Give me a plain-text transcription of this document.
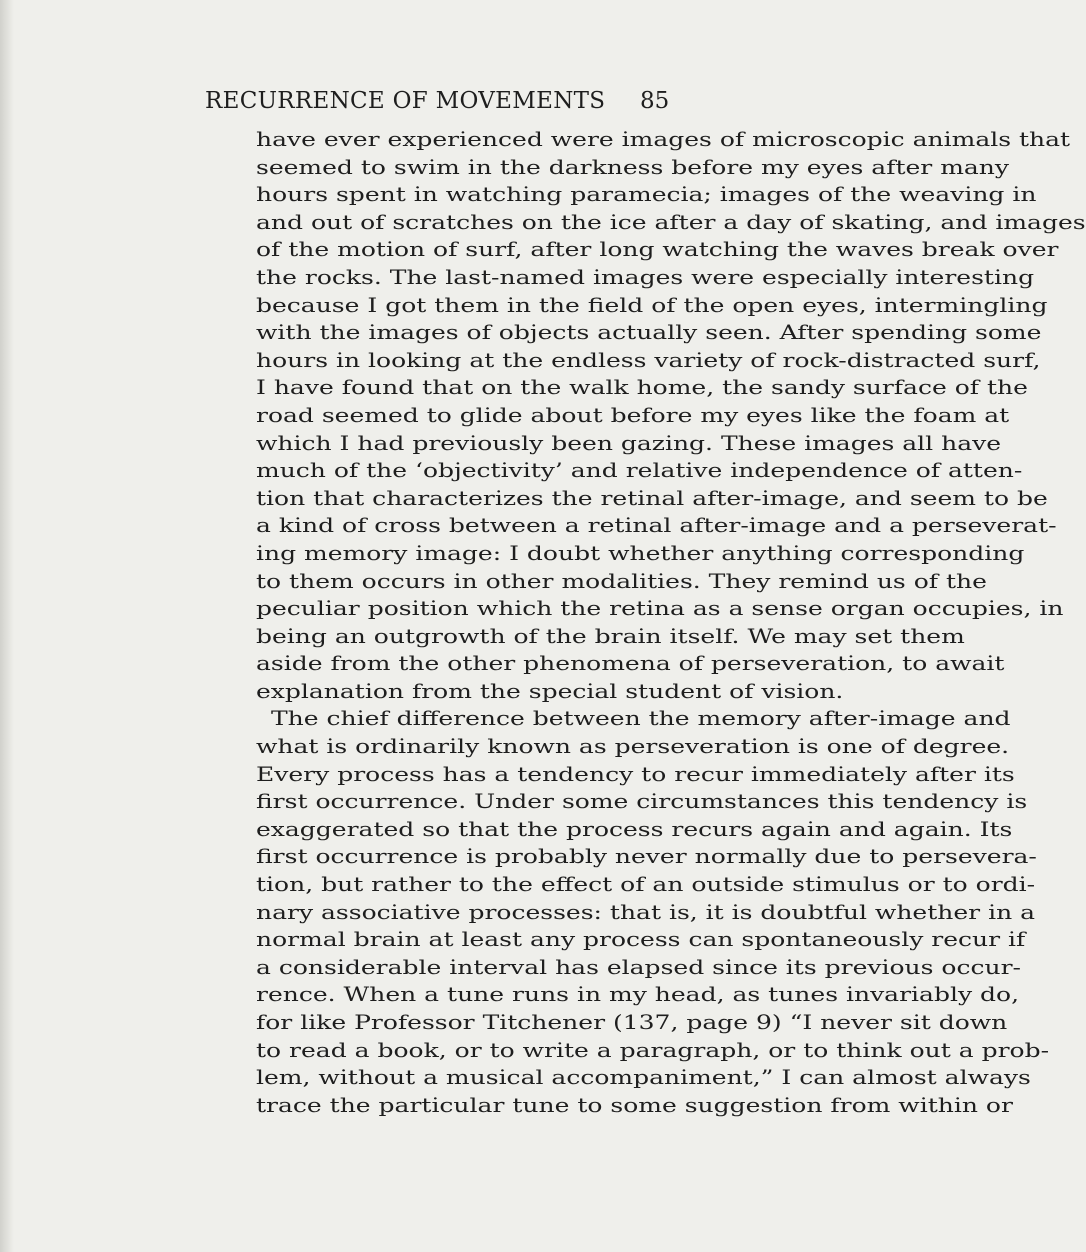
RECURRENCE OF MOVEMENTS	85
have ever experienced were images of microscopic animals that
seemed to swim in the darkness before my eyes after many
hours spent in watching paramecia; images of the weaving in
and out of scratches on the ice after a day of skating, and images
of the motion of surf, after long watching the waves break over
the rocks. The last-named images were especially interesting
because I got them in the field of the open eyes, intermingling
with the images of objects actually seen. After spending some
hours in looking at the endless variety of rock-distracted surf,
I have found that on the walk home, the sandy surface of the
road seemed to glide about before my eyes like the foam at
which I had previously been gazing. These images all have
much of the ‘objectivity’ and relative independence of atten-
tion that characterizes the retinal after-image, and seem to be
a kind of cross between a retinal after-image and a perseverat-
ing memory image: I doubt whether anything corresponding
to them occurs in other modalities. They remind us of the
peculiar position which the retina as a sense organ occupies, in
being an outgrowth of the brain itself. We may set them
aside from the other phenomena of perseveration, to await
explanation from the special student of vision.
The chief difference between the memory after-image and
what is ordinarily known as perseveration is one of degree.
Every process has a tendency to recur immediately after its
first occurrence. Under some circumstances this tendency is
exaggerated so that the process recurs again and again. Its
first occurrence is probably never normally due to persevera-
tion, but rather to the effect of an outside stimulus or to ordi-
nary associative processes: that is, it is doubtful whether in a
normal brain at least any process can spontaneously recur if
a considerable interval has elapsed since its previous occur-
rence. When a tune runs in my head, as tunes invariably do,
for like Professor Titchener (137, page 9) “I never sit down
to read a book, or to write a paragraph, or to think out a prob-
lem, without a musical accompaniment,” I can almost always
trace the particular tune to some suggestion from within or
